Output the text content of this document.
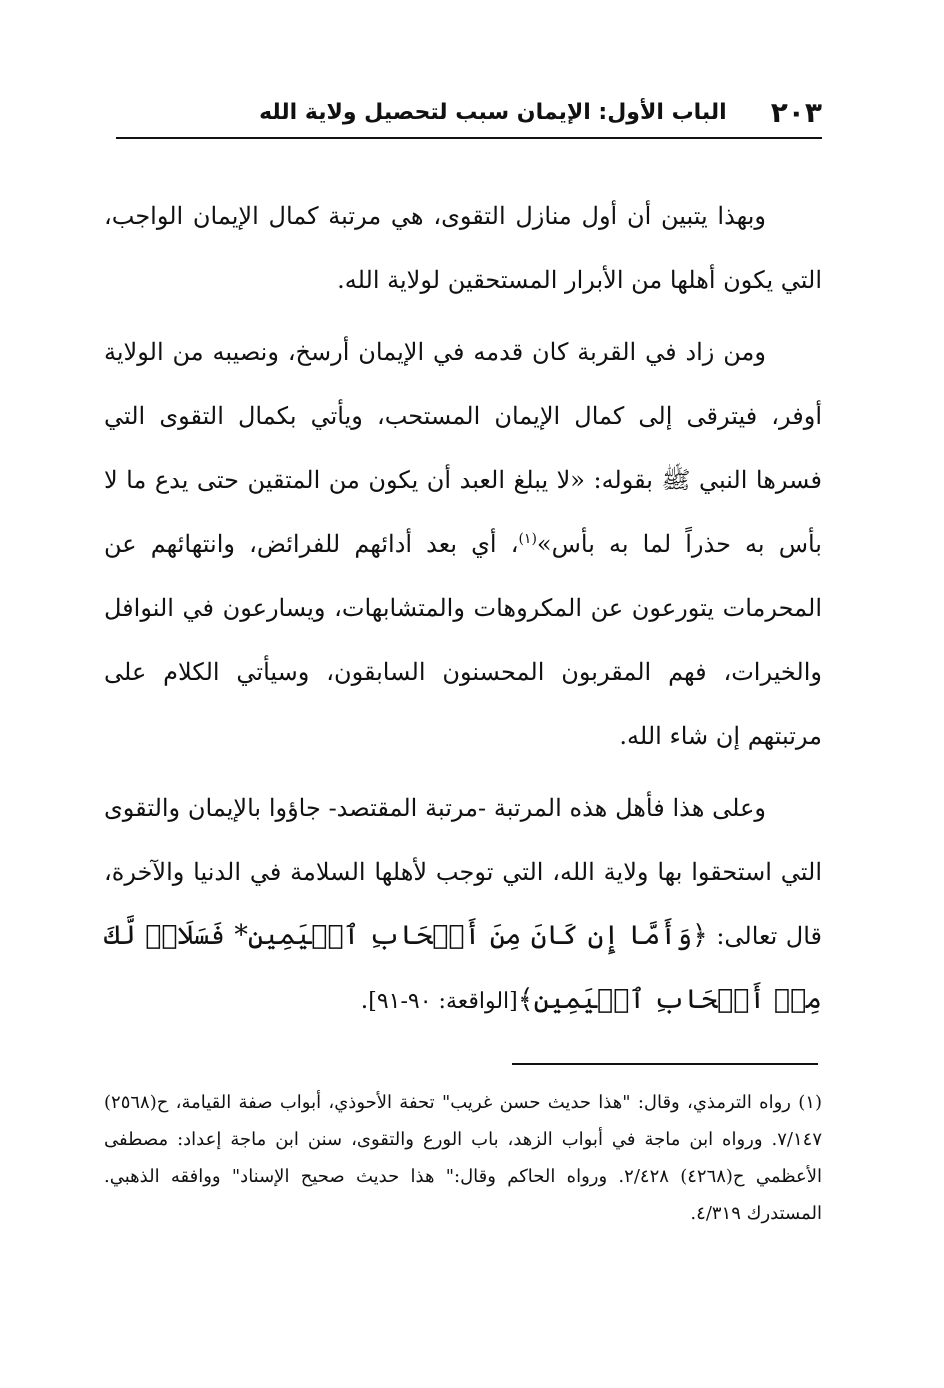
٢٠٣
الباب الأول: الإيمان سبب لتحصيل ولاية الله

وبهذا يتبين أن أول منازل التقوى، هي مرتبة كمال الإيمان الواجب، التي يكون أهلها من الأبرار المستحقين لولاية الله.

ومن زاد في القربة كان قدمه في الإيمان أرسخ، ونصيبه من الولاية أوفر، فيترقى إلى كمال الإيمان المستحب، ويأتي بكمال التقوى التي فسرها النبي ﷺ بقوله: «لا يبلغ العبد أن يكون من المتقين حتى يدع ما لا بأس به حذراً لما به بأس»$^{(١)}$، أي بعد أدائهم للفرائض، وانتهائهم عن المحرمات يتورعون عن المكروهات والمتشابهات، ويسارعون في النوافل والخيرات، فهم المقربون المحسنون السابقون، وسيأتي الكلام على مرتبتهم إن شاء الله.

وعلى هذا فأهل هذه المرتبة -مرتبة المقتصد- جاؤوا بالإيمان والتقوى التي استحقوا بها ولاية الله، التي توجب لأهلها السلامة في الدنيا والآخرة، قال تعالى: ﴿وَأَمَّا إِن كَانَ مِنَ أَصۡحَابِ ٱلۡيَمِينِ* فَسَلَامٞ لَّكَ مِنۡ أَصۡحَابِ ٱلۡيَمِينِ﴾[الواقعة: ٩٠-٩١].

(١) رواه الترمذي، وقال: "هذا حديث حسن غريب" تحفة الأحوذي، أبواب صفة القيامة، ح(٢٥٦٨) ٧/١٤٧. ورواه ابن ماجة في أبواب الزهد، باب الورع والتقوى، سنن ابن ماجة إعداد: مصطفى الأعظمي ح(٤٢٦٨) ٢/٤٢٨. ورواه الحاكم وقال:" هذا حديث صحيح الإسناد" ووافقه الذهبي. المستدرك ٤/٣١٩.
